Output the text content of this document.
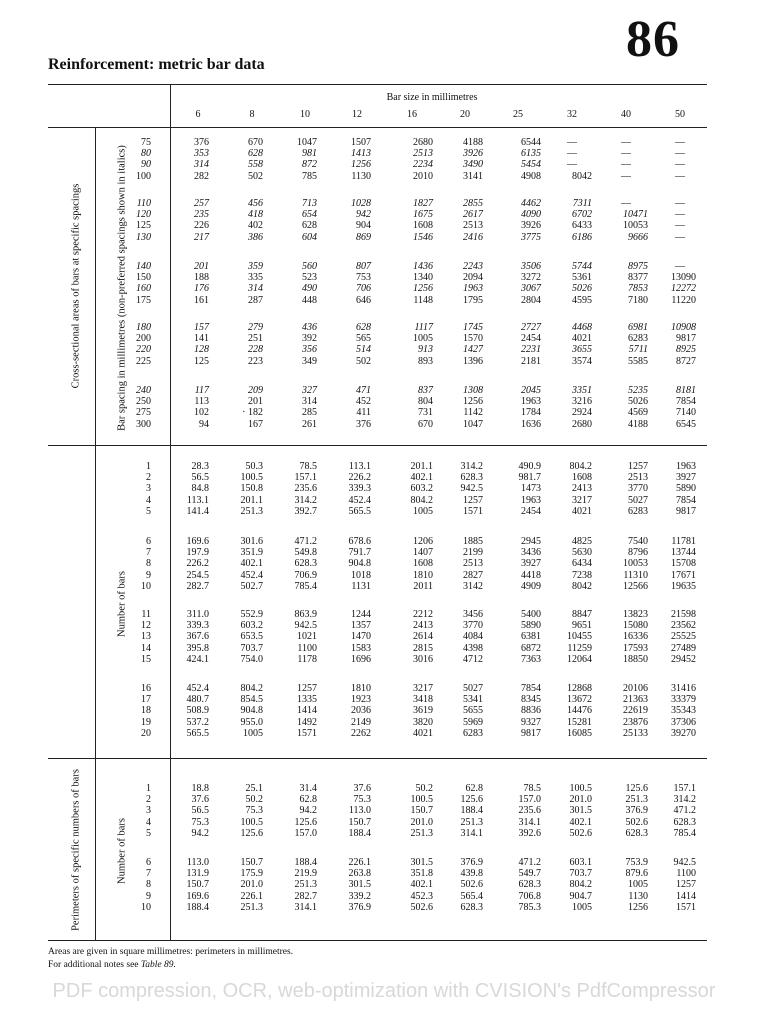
Reinforcement: metric bar data	86
Bar size in millimetres
6	8	10	12	16	20	25	32	40	50
Cross-sectional areas of bars at specific spacings	Bar spacing in millimetres (non-preferred spacings shown in italics)
Number of bars
Perimeters of specific numbers of bars	Number of bars
75	376	670	1047	1507	2680	4188	6544	—	—	—
80	353	628	981	1413	2513	3926	6135	—	—	—
90	314	558	872	1256	2234	3490	5454	—	—	—
100	282	502	785	1130	2010	3141	4908	8042	—	—
110	257	456	713	1028	1827	2855	4462	7311	—	—
120	235	418	654	942	1675	2617	4090	6702	10471	—
125	226	402	628	904	1608	2513	3926	6433	10053	—
130	217	386	604	869	1546	2416	3775	6186	9666	—
140	201	359	560	807	1436	2243	3506	5744	8975	—
150	188	335	523	753	1340	2094	3272	5361	8377 13090
160	176	314	490	706	1256	1963	3067	5026	7853 12272
175	161	287	448	646	1148	1795	2804	4595	7180 11220
180	157	279	436	628	1117	1745	2727	4468	6981 10908
200	141	251	392	565	1005	1570	2454	4021	6283	9817
220	128	228	356	514	913	1427	2231	3655	5711	8925
225	125	223	349	502	893	1396	2181	3574	5585	8727
240	117	209	327	471	837	1308	2045	3351	5235	8181
250	113	201	314	452	804	1256	1963	3216	5026	7854
275	102	· 182	285	411	731	1142	1784	2924	4569	7140
300	94	167	261	376	670	1047	1636	2680	4188	6545
1	28.3	50.3	78.5	113.1	201.1	314.2	490.9	804.2	1257	1963
2	56.5	100.5	157.1	226.2	402.1	628.3	981.7	1608	2513	3927
3	84.8	150.8	235.6	339.3	603.2	942.5	1473	2413	3770	5890
4	113.1	201.1	314.2	452.4	804.2	1257	1963	3217	5027	7854
5	141.4	251.3	392.7	565.5	1005	1571	2454	4021	6283	9817
6	169.6	301.6	471.2	678.6	1206	1885	2945	4825	7540 11781
7	197.9	351.9	549.8	791.7	1407	2199	3436	5630	8796 13744
8	226.2	402.1	628.3	904.8	1608	2513	3927	6434	10053 15708
9	254.5	452.4	706.9	1018	1810	2827	4418	7238	11310 17671
10	282.7	502.7	785.4	1131	2011	3142	4909	8042	12566 19635
11	311.0	552.9	863.9	1244	2212	3456	5400	8847	13823 21598
12	339.3	603.2	942.5	1357	2413	3770	5890	9651	15080 23562
13	367.6	653.5	1021	1470	2614	4084	6381	10455	16336 25525
14	395.8	703.7	1100	1583	2815	4398	6872	11259	17593 27489
15	424.1	754.0	1178	1696	3016	4712	7363	12064	18850 29452
16	452.4	804.2	1257	1810	3217	5027	7854	12868	20106 31416
17	480.7	854.5	1335	1923	3418	5341	8345	13672	21363 33379
18	508.9	904.8	1414	2036	3619	5655	8836	14476	22619 35343
19	537.2	955.0	1492	2149	3820	5969	9327	15281	23876 37306
20	565.5	1005	1571	2262	4021	6283	9817	16085	25133 39270
1	18.8	25.1	31.4	37.6	50.2	62.8	78.5	100.5	125.6	157.1
2	37.6	50.2	62.8	75.3	100.5	125.6	157.0	201.0	251.3	314.2
3	56.5	75.3	94.2	113.0	150.7	188.4	235.6	301.5	376.9	471.2
4	75.3	100.5	125.6	150.7	201.0	251.3	314.1	402.1	502.6	628.3
5	94.2	125.6	157.0	188.4	251.3	314.1	392.6	502.6	628.3	785.4
6	113.0	150.7	188.4	226.1	301.5	376.9	471.2	603.1	753.9	942.5
7	131.9	175.9	219.9	263.8	351.8	439.8	549.7	703.7	879.6	1100
8	150.7	201.0	251.3	301.5	402.1	502.6	628.3	804.2	1005	1257
9	169.6	226.1	282.7	339.2	452.3	565.4	706.8	904.7	1130	1414
10	188.4	251.3	314.1	376.9	502.6	628.3	785.3	1005	1256	1571
Areas are given in square millimetres: perimeters in millimetres.
For additional notes see Table 89.
PDF compression, OCR, web-optimization with CVISION's PdfCompressor
